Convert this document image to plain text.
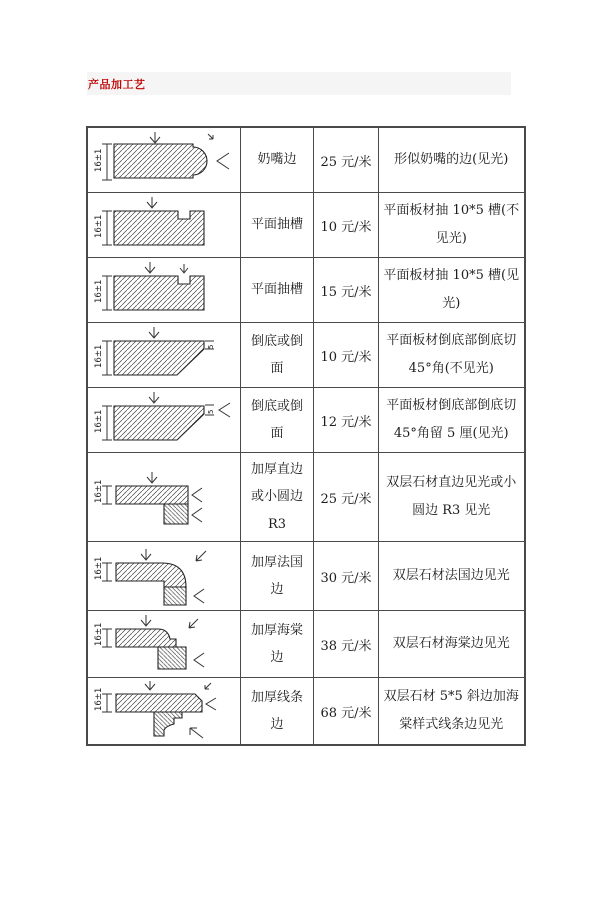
产品加工艺
16±1	奶嘴边	25 元/米	形似奶嘴的边(见光)

16±1	平面抽槽	10 元/米	平面板材抽 10*5 槽(不见光)

16±1	平面抽槽	15 元/米	平面板材抽 10*5 槽(见光)

16±1 5	倒底或倒面	10 元/米	平面板材倒底部倒底切 45°角(不见光)

16±1 5	倒底或倒面	12 元/米	平面板材倒底部倒底切 45°角留 5 厘(见光)

16±1	加厚直边或小圆边 R3	25 元/米	双层石材直边见光或小圆边 R3 见光

16±1	加厚法国边	30 元/米	双层石材法国边见光

16±1	加厚海棠边	38 元/米	双层石材海棠边见光

16±1	加厚线条边	68 元/米	双层石材 5*5 斜边加海棠样式线条边见光
